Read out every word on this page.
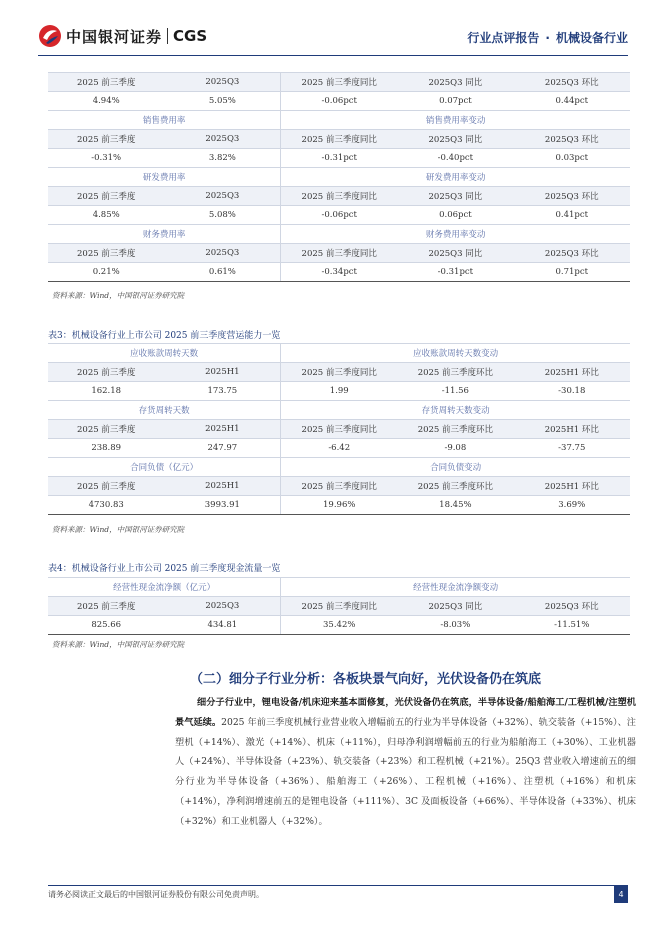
中国银河证券 CGS	行业点评报告 · 机械设备行业
2025 前三季度	2025Q3	2025 前三季度同比	2025Q3 同比	2025Q3 环比
4.94%	5.05%	-0.06pct	0.07pct	0.44pct
销售费用率		销售费用率变动		
2025 前三季度	2025Q3	2025 前三季度同比	2025Q3 同比	2025Q3 环比
-0.31%	3.82%	-0.31pct	-0.40pct	0.03pct
研发费用率		研发费用率变动		
2025 前三季度	2025Q3	2025 前三季度同比	2025Q3 同比	2025Q3 环比
4.85%	5.08%	-0.06pct	0.06pct	0.41pct
财务费用率		财务费用率变动		
2025 前三季度	2025Q3	2025 前三季度同比	2025Q3 同比	2025Q3 环比
0.21%	0.61%	-0.34pct	-0.31pct	0.71pct
资料来源：Wind，中国银河证券研究院
表3：机械设备行业上市公司 2025 前三季度营运能力一览
应收账款周转天数		应收账款周转天数变动		
2025 前三季度	2025H1	2025 前三季度同比	2025 前三季度环比	2025H1 环比
162.18	173.75	1.99	-11.56	-30.18
存货周转天数		存货周转天数变动		
2025 前三季度	2025H1	2025 前三季度同比	2025 前三季度环比	2025H1 环比
238.89	247.97	-6.42	-9.08	-37.75
合同负债（亿元）		合同负债变动		
2025 前三季度	2025H1	2025 前三季度同比	2025 前三季度环比	2025H1 环比
4730.83	3993.91	19.96%	18.45%	3.69%
资料来源：Wind，中国银河证券研究院
表4：机械设备行业上市公司 2025 前三季度现金流量一览
经营性现金流净额（亿元）		经营性现金流净额变动		
2025 前三季度	2025Q3	2025 前三季度同比	2025Q3 同比	2025Q3 环比
825.66	434.81	35.42%	-8.03%	-11.51%
资料来源：Wind，中国银河证券研究院
（二）细分子行业分析：各板块景气向好，光伏设备仍在筑底

细分子行业中，锂电设备/机床迎来基本面修复，光伏设备仍在筑底，半导体设备/船舶海工/工程机械/注塑机景气延续。2025 年前三季度机械行业营业收入增幅前五的行业为半导体设备（+32%）、轨交装备（+15%）、注塑机（+14%）、激光（+14%）、机床（+11%），归母净利润增幅前五的行业为船舶海工（+30%）、工业机器人（+24%）、半导体设备（+23%）、轨交装备（+23%）和工程机械（+21%）。25Q3 营业收入增速前五的细分行业为半导体设备（+36%）、船舶海工（+26%）、工程机械（+16%）、注塑机（+16%）和机床（+14%），净利润增速前五的是锂电设备（+111%）、3C 及面板设备（+66%）、半导体设备（+33%）、机床（+32%）和工业机器人（+32%）。

请务必阅读正文最后的中国银河证券股份有限公司免责声明。	4
